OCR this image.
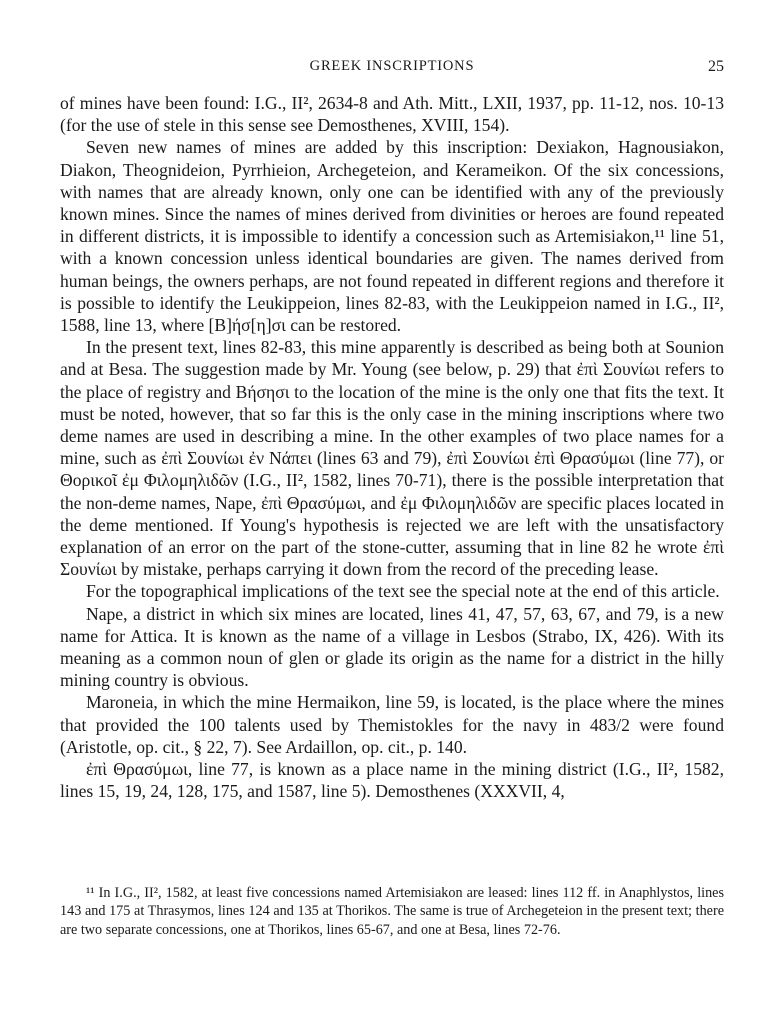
GREEK INSCRIPTIONS	25

of mines have been found: I.G., II², 2634-8 and Ath. Mitt., LXII, 1937, pp. 11-12, nos. 10-13 (for the use of stele in this sense see Demosthenes, XVIII, 154).

Seven new names of mines are added by this inscription: Dexiakon, Hagnousiakon, Diakon, Theognideion, Pyrrhieion, Archegeteion, and Kerameikon. Of the six concessions, with names that are already known, only one can be identified with any of the previously known mines. Since the names of mines derived from divinities or heroes are found repeated in different districts, it is impossible to identify a concession such as Artemisiakon,¹¹ line 51, with a known concession unless identical boundaries are given. The names derived from human beings, the owners perhaps, are not found repeated in different regions and therefore it is possible to identify the Leukippeion, lines 82-83, with the Leukippeion named in I.G., II², 1588, line 13, where [Β]ήσ[η]σι can be restored.

In the present text, lines 82-83, this mine apparently is described as being both at Sounion and at Besa. The suggestion made by Mr. Young (see below, p. 29) that ἐπὶ Σουνίωι refers to the place of registry and Βήσησι to the location of the mine is the only one that fits the text. It must be noted, however, that so far this is the only case in the mining inscriptions where two deme names are used in describing a mine. In the other examples of two place names for a mine, such as ἐπὶ Σουνίωι ἐν Νάπει (lines 63 and 79), ἐπὶ Σουνίωι ἐπὶ Θρασύμωι (line 77), or Θορικοῖ ἐμ Φιλομηλιδῶν (I.G., II², 1582, lines 70-71), there is the possible interpretation that the non-deme names, Nape, ἐπὶ Θρασύμωι, and ἐμ Φιλομηλιδῶν are specific places located in the deme mentioned. If Young's hypothesis is rejected we are left with the unsatisfactory explanation of an error on the part of the stone-cutter, assuming that in line 82 he wrote ἐπὶ Σουνίωι by mistake, perhaps carrying it down from the record of the preceding lease.

For the topographical implications of the text see the special note at the end of this article.

Nape, a district in which six mines are located, lines 41, 47, 57, 63, 67, and 79, is a new name for Attica. It is known as the name of a village in Lesbos (Strabo, IX, 426). With its meaning as a common noun of glen or glade its origin as the name for a district in the hilly mining country is obvious.

Maroneia, in which the mine Hermaikon, line 59, is located, is the place where the mines that provided the 100 talents used by Themistokles for the navy in 483/2 were found (Aristotle, op. cit., § 22, 7). See Ardaillon, op. cit., p. 140.

ἐπὶ Θρασύμωι, line 77, is known as a place name in the mining district (I.G., II², 1582, lines 15, 19, 24, 128, 175, and 1587, line 5). Demosthenes (XXXVII, 4,

¹¹ In I.G., II², 1582, at least five concessions named Artemisiakon are leased: lines 112 ff. in Anaphlystos, lines 143 and 175 at Thrasymos, lines 124 and 135 at Thorikos. The same is true of Archegeteion in the present text; there are two separate concessions, one at Thorikos, lines 65-67, and one at Besa, lines 72-76.
